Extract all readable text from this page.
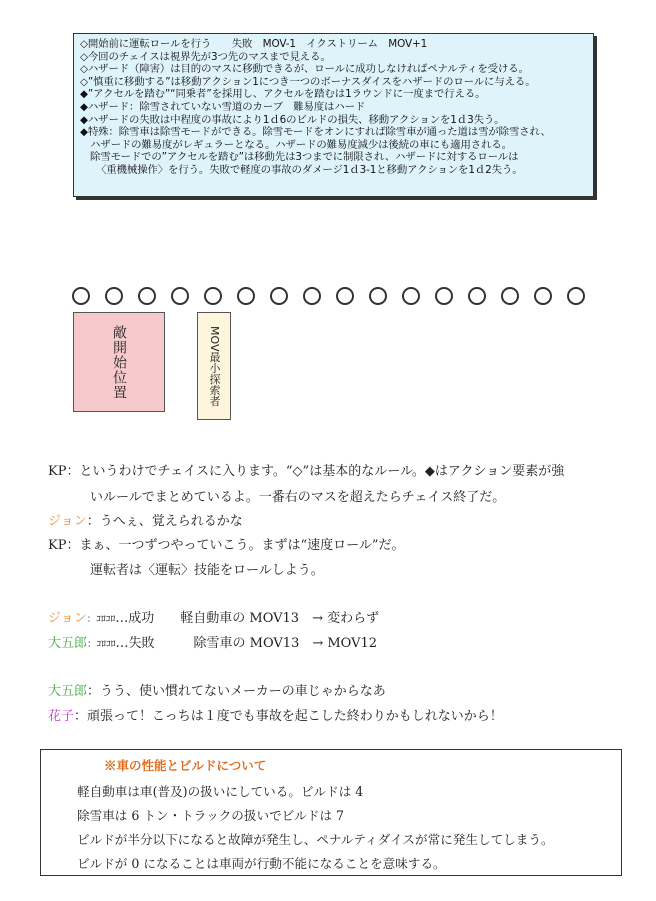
◇開始前に運転ロールを行う　　失敗　MOV-1　イクストリーム　MOV+1
◇今回のチェイスは視界先が3つ先のマスまで見える。
◇ハザード（障害）は目的のマスに移動できるが、ロールに成功しなければペナルティを受ける。
◇”慎重に移動する”は移動アクション1につき一つのボーナスダイスをハザードのロールに与える。
◆”アクセルを踏む”“同乗者”を採用し、アクセルを踏むは1ラウンドに一度まで行える。
◆ハザード：除雪されていない雪道のカーブ　難易度はハード
◆ハザードの失敗は中程度の事故により1ｄ6のビルドの損失、移動アクションを1ｄ3失う。
◆特殊：除雪車は除雪モードができる。除雪モードをオンにすれば除雪車が通った道は雪が除雪され、
ハザードの難易度がレギュラーとなる。ハザードの難易度減少は後続の車にも適用される。
除雪モードでの”アクセルを踏む”は移動先は3つまでに制限され、ハザードに対するロールは
〈重機械操作〉を行う。失敗で軽度の事故のダメージ1ｄ3-1と移動アクションを1ｄ2失う。
敵開始位置	MOV最小探索者
KP：というわけでチェイスに入ります。“◇”は基本的なルール。◆はアクション要素が強
いルールでまとめているよ。一番右のマスを超えたらチェイス終了だ。
ジョン：うへぇ、覚えられるかな
KP：まぁ、一つずつやっていこう。まずは“速度ロール”だ。
運転者は〈運転〉技能をロールしよう。
ジョン：ｺﾛｺﾛ…成功　　軽自動車の MOV13　→ 変わらず
大五郎：ｺﾛｺﾛ…失敗　　　除雪車の MOV13　→ MOV12
大五郎：うう、使い慣れてないメーカーの車じゃからなあ
花子：頑張って！こっちは１度でも事故を起こした終わりかもしれないから！
※車の性能とビルドについて
軽自動車は車(普及)の扱いにしている。ビルドは 4
除雪車は 6 トン・トラックの扱いでビルドは 7
ビルドが半分以下になると故障が発生し、ペナルティダイスが常に発生してしまう。
ビルドが 0 になることは車両が行動不能になることを意味する。
